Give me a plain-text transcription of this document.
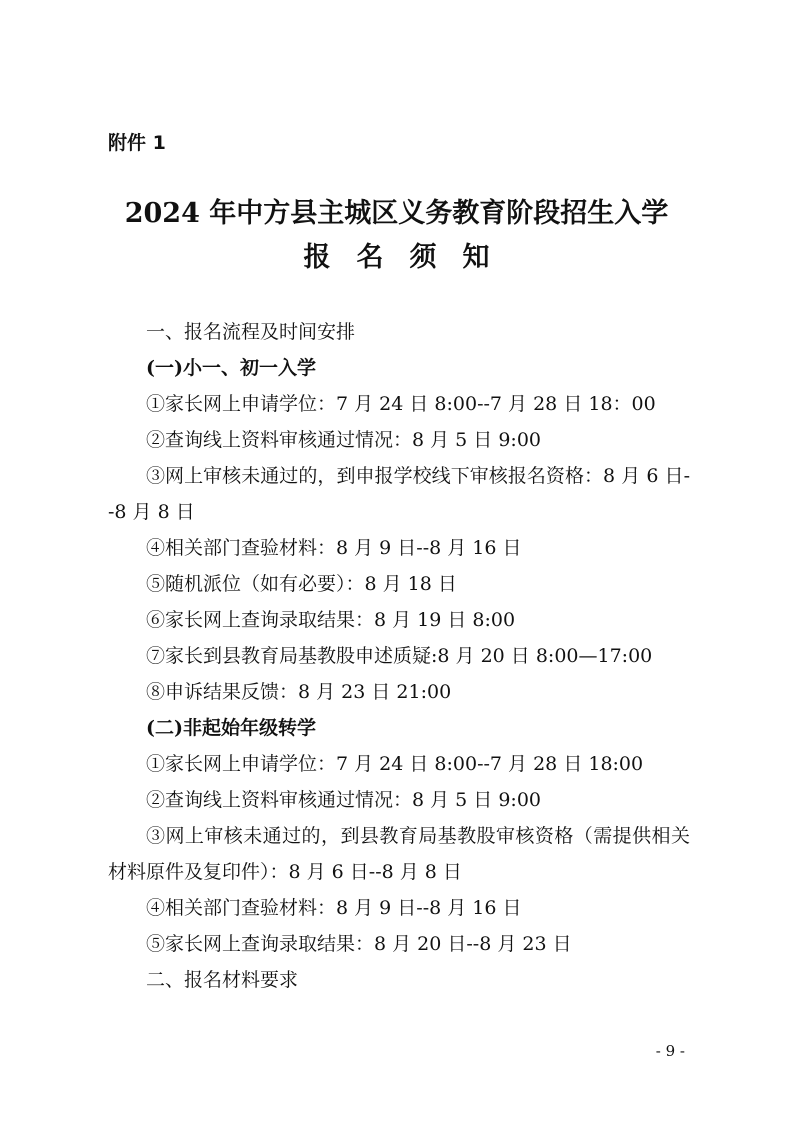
附件 1
2024 年中方县主城区义务教育阶段招生入学
报名须知

一、报名流程及时间安排

(一)小一、初一入学

①家长网上申请学位：7 月 24 日 8:00--7 月 28 日 18：00

②查询线上资料审核通过情况：8 月 5 日 9:00

③网上审核未通过的，到申报学校线下审核报名资格：8 月 6 日--8 月 8 日

④相关部门查验材料：8 月 9 日--8 月 16 日

⑤随机派位（如有必要）：8 月 18 日

⑥家长网上查询录取结果：8 月 19 日 8:00

⑦家长到县教育局基教股申述质疑:8 月 20 日 8:00—17:00

⑧申诉结果反馈：8 月 23 日 21:00

(二)非起始年级转学

①家长网上申请学位：7 月 24 日 8:00--7 月 28 日 18:00

②查询线上资料审核通过情况：8 月 5 日 9:00

③网上审核未通过的，到县教育局基教股审核资格（需提供相关材料原件及复印件）：8 月 6 日--8 月 8 日

④相关部门查验材料：8 月 9 日--8 月 16 日

⑤家长网上查询录取结果：8 月 20 日--8 月 23 日

二、报名材料要求

- 9 -
